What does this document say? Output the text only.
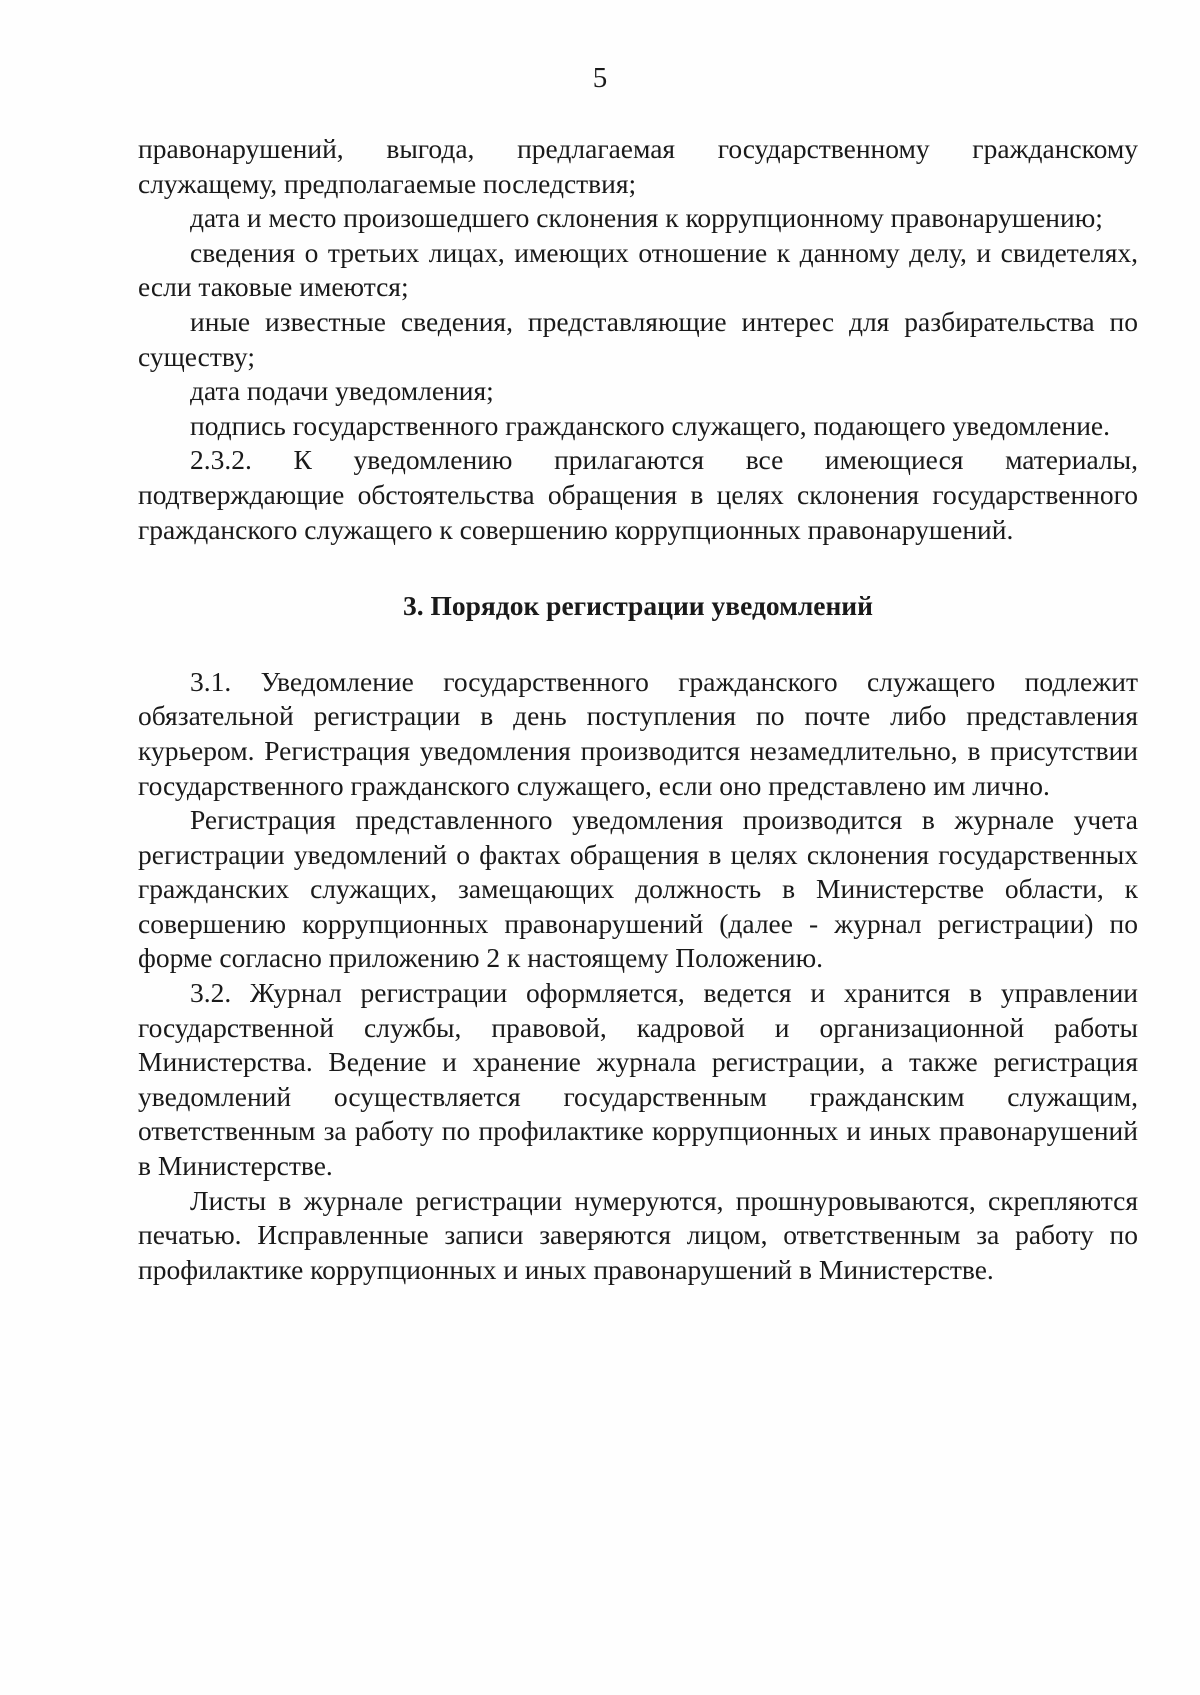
5

правонарушений, выгода, предлагаемая государственному гражданскому служащему, предполагаемые последствия;

дата и место произошедшего склонения к коррупционному правонарушению;

сведения о третьих лицах, имеющих отношение к данному делу, и свидетелях, если таковые имеются;

иные известные сведения, представляющие интерес для разбирательства по существу;

дата подачи уведомления;

подпись государственного гражданского служащего, подающего уведомление.

2.3.2. К уведомлению прилагаются все имеющиеся материалы, подтверждающие обстоятельства обращения в целях склонения государственного гражданского служащего к совершению коррупционных правонарушений.

3. Порядок регистрации уведомлений

3.1. Уведомление государственного гражданского служащего подлежит обязательной регистрации в день поступления по почте либо представления курьером. Регистрация уведомления производится незамедлительно, в присутствии государственного гражданского служащего, если оно представлено им лично.

Регистрация представленного уведомления производится в журнале учета регистрации уведомлений о фактах обращения в целях склонения государственных гражданских служащих, замещающих должность в Министерстве области, к совершению коррупционных правонарушений (далее - журнал регистрации) по форме согласно приложению 2 к настоящему Положению.

3.2. Журнал регистрации оформляется, ведется и хранится в управлении государственной службы, правовой, кадровой и организационной работы Министерства. Ведение и хранение журнала регистрации, а также регистрация уведомлений осуществляется государственным гражданским служащим, ответственным за работу по профилактике коррупционных и иных правонарушений в Министерстве.

Листы в журнале регистрации нумеруются, прошнуровываются, скрепляются печатью. Исправленные записи заверяются лицом, ответственным за работу по профилактике коррупционных и иных правонарушений в Министерстве.
